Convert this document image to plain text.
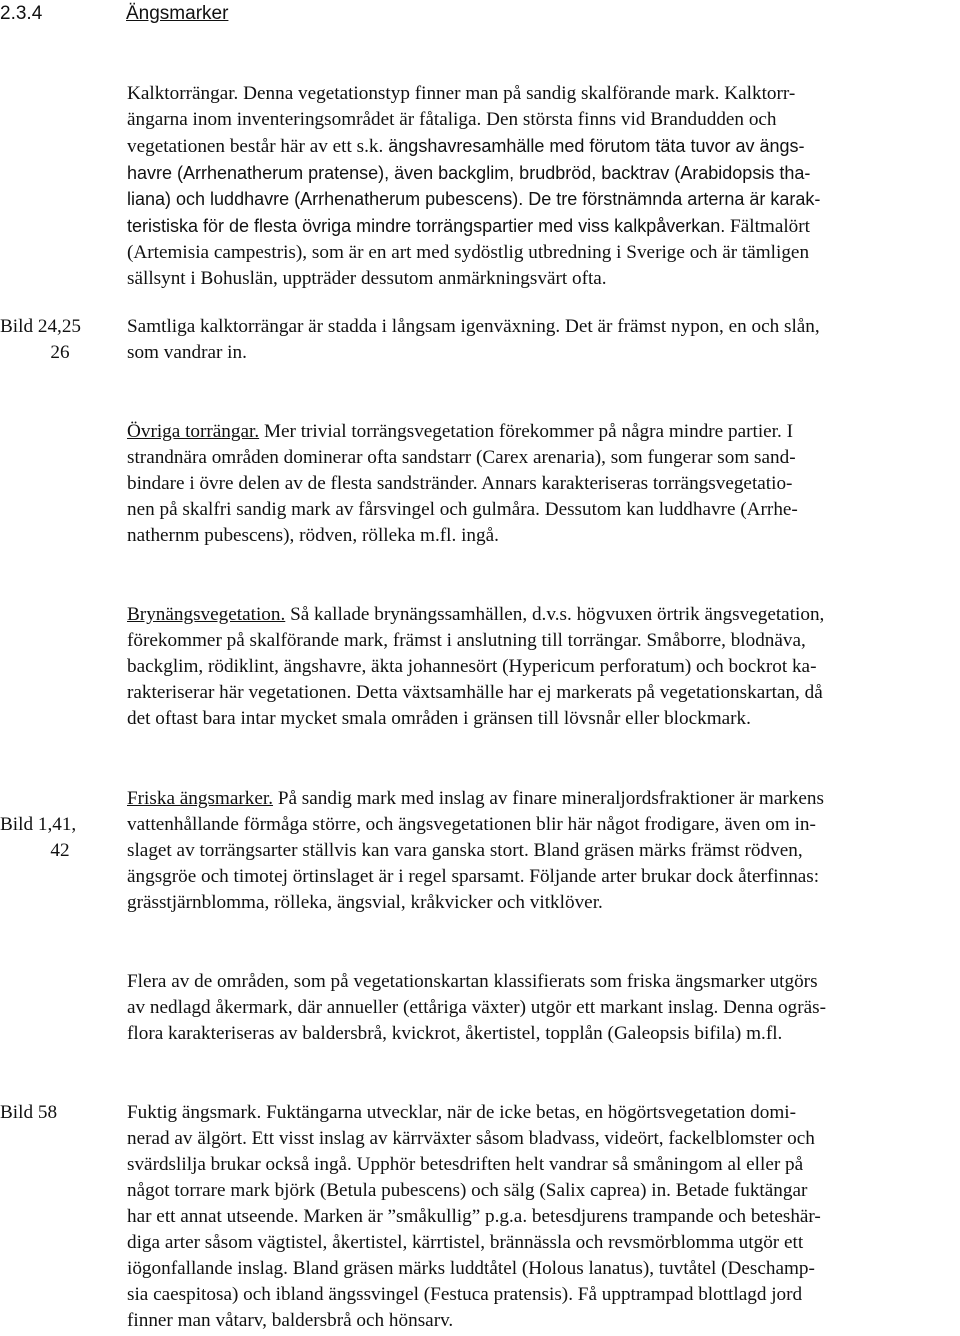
2.3.4	Ängsmarker
Kalktorrängar. Denna vegetationstyp finner man på sandig skalförande mark. Kalktorr-
ängarna inom inventeringsområdet är fåtaliga. Den största finns vid Brandudden och
vegetationen består här av ett s.k. ängshavresamhälle med förutom täta tuvor av ängs-
havre (Arrhenatherum pratense), även backglim, brudbröd, backtrav (Arabidopsis tha-
liana) och luddhavre (Arrhenatherum pubescens). De tre förstnämnda arterna är karak-
teristiska för de flesta övriga mindre torrängspartier med viss kalkpåverkan. Fältmalört
(Artemisia campestris), som är en art med sydöstlig utbredning i Sverige och är tämligen
sällsynt i Bohuslän, uppträder dessutom anmärkningsvärt ofta.
Bild 24,25
26
Samtliga kalktorrängar är stadda i långsam igenväxning. Det är främst nypon, en och slån,
som vandrar in.
Övriga torrängar. Mer trivial torrängsvegetation förekommer på några mindre partier. I
strandnära områden dominerar ofta sandstarr (Carex arenaria), som fungerar som sand-
bindare i övre delen av de flesta sandstränder. Annars karakteriseras torrängsvegetatio-
nen på skalfri sandig mark av fårsvingel och gulmåra. Dessutom kan luddhavre (Arrhe-
nathernm pubescens), rödven, rölleka m.fl. ingå.
Brynängsvegetation. Så kallade brynängssamhällen, d.v.s. högvuxen örtrik ängsvegetation,
förekommer på skalförande mark, främst i anslutning till torrängar. Småborre, blodnäva,
backglim, rödiklint, ängshavre, äkta johannesört (Hypericum perforatum) och bockrot ka-
rakteriserar här vegetationen. Detta växtsamhälle har ej markerats på vegetationskartan, då
det oftast bara intar mycket smala områden i gränsen till lövsnår eller blockmark.
Bild 1,41,
42
Friska ängsmarker. På sandig mark med inslag av finare mineraljordsfraktioner är markens
vattenhållande förmåga större, och ängsvegetationen blir här något frodigare, även om in-
slaget av torrängsarter ställvis kan vara ganska stort. Bland gräsen märks främst rödven,
ängsgröe och timotej örtinslaget är i regel sparsamt. Följande arter brukar dock återfinnas:
grässtjärnblomma, rölleka, ängsvial, kråkvicker och vitklöver.
Flera av de områden, som på vegetationskartan klassifierats som friska ängsmarker utgörs
av nedlagd åkermark, där annueller (ettåriga växter) utgör ett markant inslag. Denna ogräs-
flora karakteriseras av baldersbrå, kvickrot, åkertistel, topplån (Galeopsis bifila) m.fl.
Bild 58	Fuktig ängsmark. Fuktängarna utvecklar, när de icke betas, en högörtsvegetation domi-
nerad av älgört. Ett visst inslag av kärrväxter såsom bladvass, videört, fackelblomster och
svärdslilja brukar också ingå. Upphör betesdriften helt vandrar så småningom al eller på
något torrare mark björk (Betula pubescens) och sälg (Salix caprea) in. Betade fuktängar
har ett annat utseende. Marken är ”småkullig” p.g.a. betesdjurens trampande och beteshär-
diga arter såsom vägtistel, åkertistel, kärrtistel, brännässla och revsmörblomma utgör ett
iögonfallande inslag. Bland gräsen märks luddtåtel (Holous lanatus), tuvtåtel (Deschamp-
sia caespitosa) och ibland ängssvingel (Festuca pratensis). Få upptrampad blottlagd jord
finner man våtarv, baldersbrå och hönsarv.
